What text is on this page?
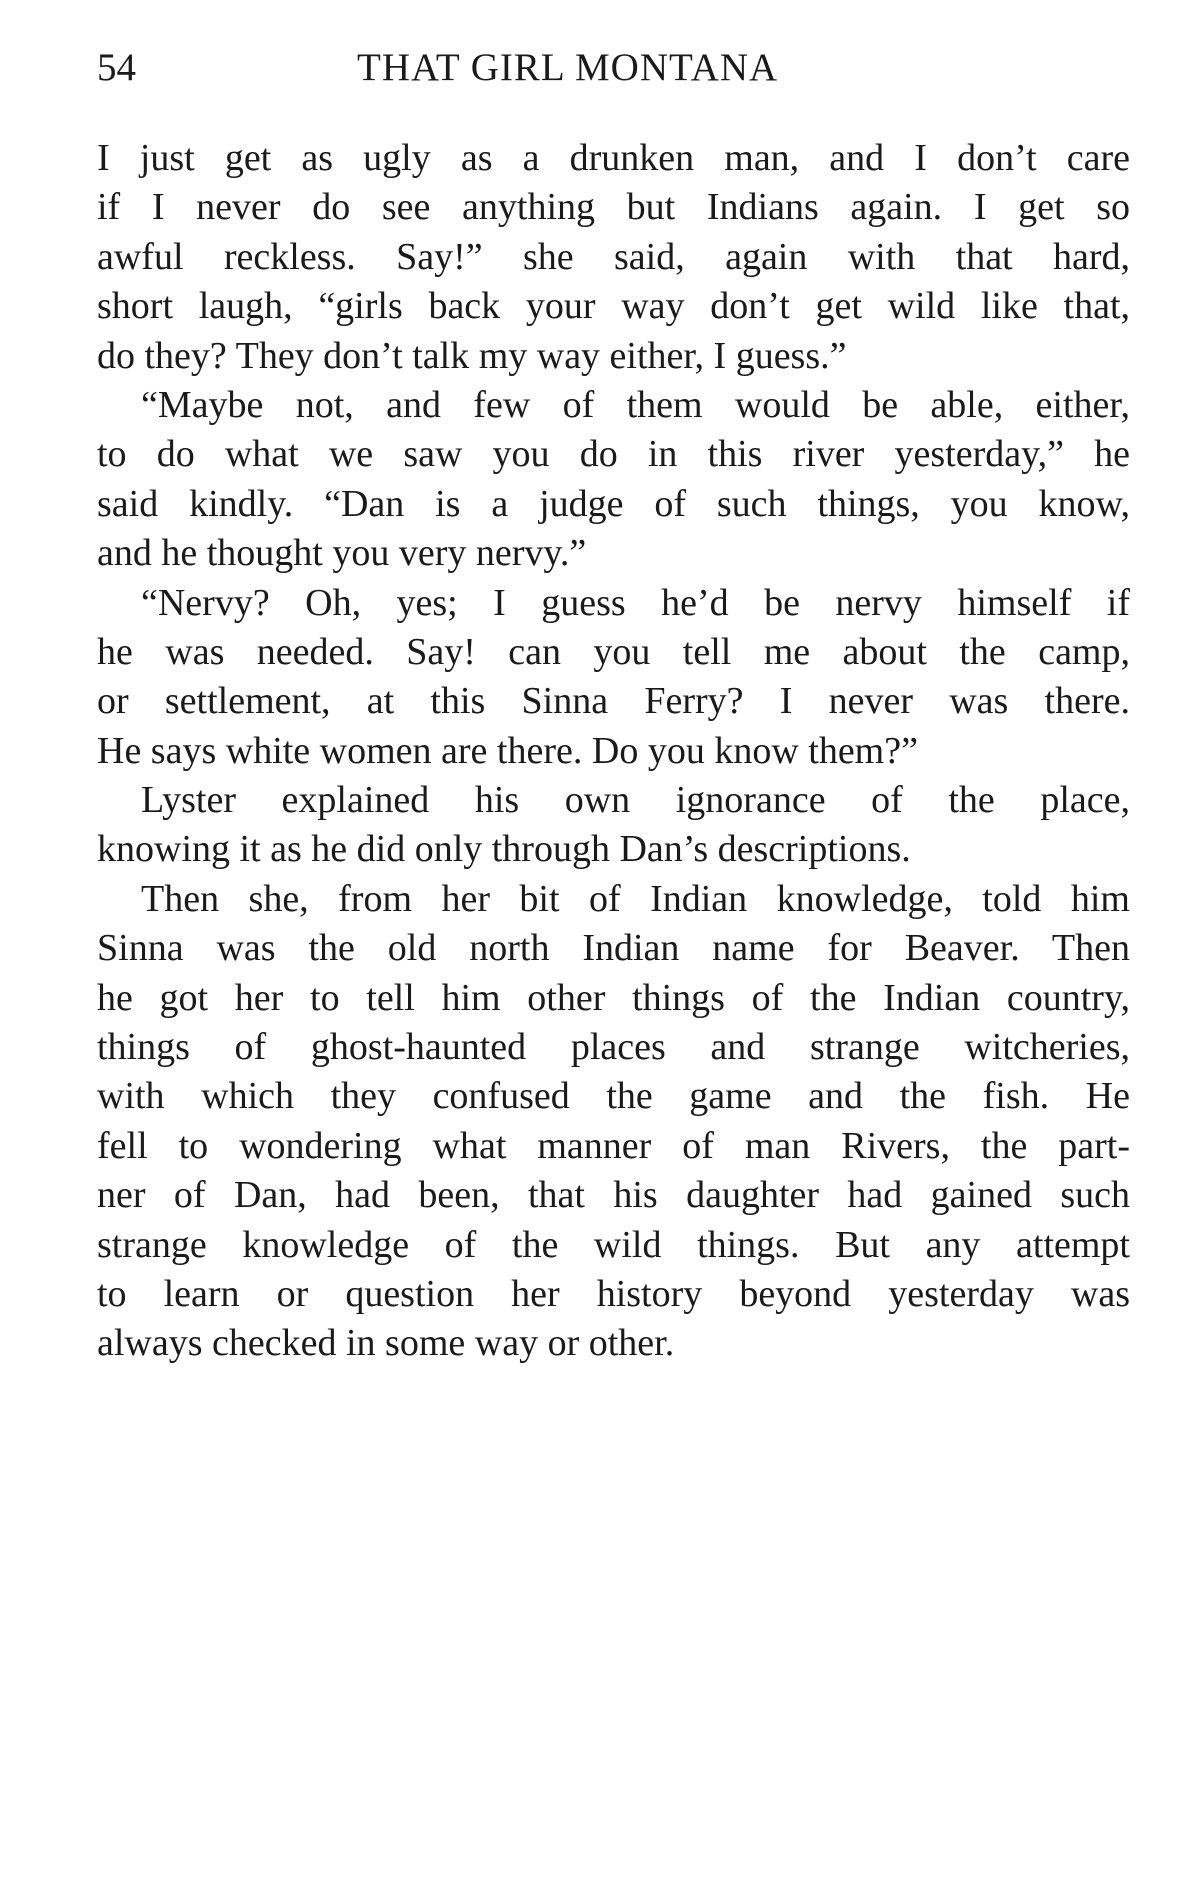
54	THAT GIRL MONTANA
I just get as ugly as a drunken man, and I don’t care
if I never do see anything but Indians again. I get so
awful reckless. Say!” she said, again with that hard,
short laugh, “girls back your way don’t get wild like that,
do they? They don’t talk my way either, I guess.”
“Maybe not, and few of them would be able, either,
to do what we saw you do in this river yesterday,” he
said kindly. “Dan is a judge of such things, you know,
and he thought you very nervy.”
“Nervy? Oh, yes; I guess he’d be nervy himself if
he was needed. Say! can you tell me about the camp,
or settlement, at this Sinna Ferry? I never was there.
He says white women are there. Do you know them?”
Lyster explained his own ignorance of the place,
knowing it as he did only through Dan’s descriptions.
Then she, from her bit of Indian knowledge, told him
Sinna was the old north Indian name for Beaver. Then
he got her to tell him other things of the Indian country,
things of ghost-haunted places and strange witcheries,
with which they confused the game and the fish. He
fell to wondering what manner of man Rivers, the part-
ner of Dan, had been, that his daughter had gained such
strange knowledge of the wild things. But any attempt
to learn or question her history beyond yesterday was
always checked in some way or other.
